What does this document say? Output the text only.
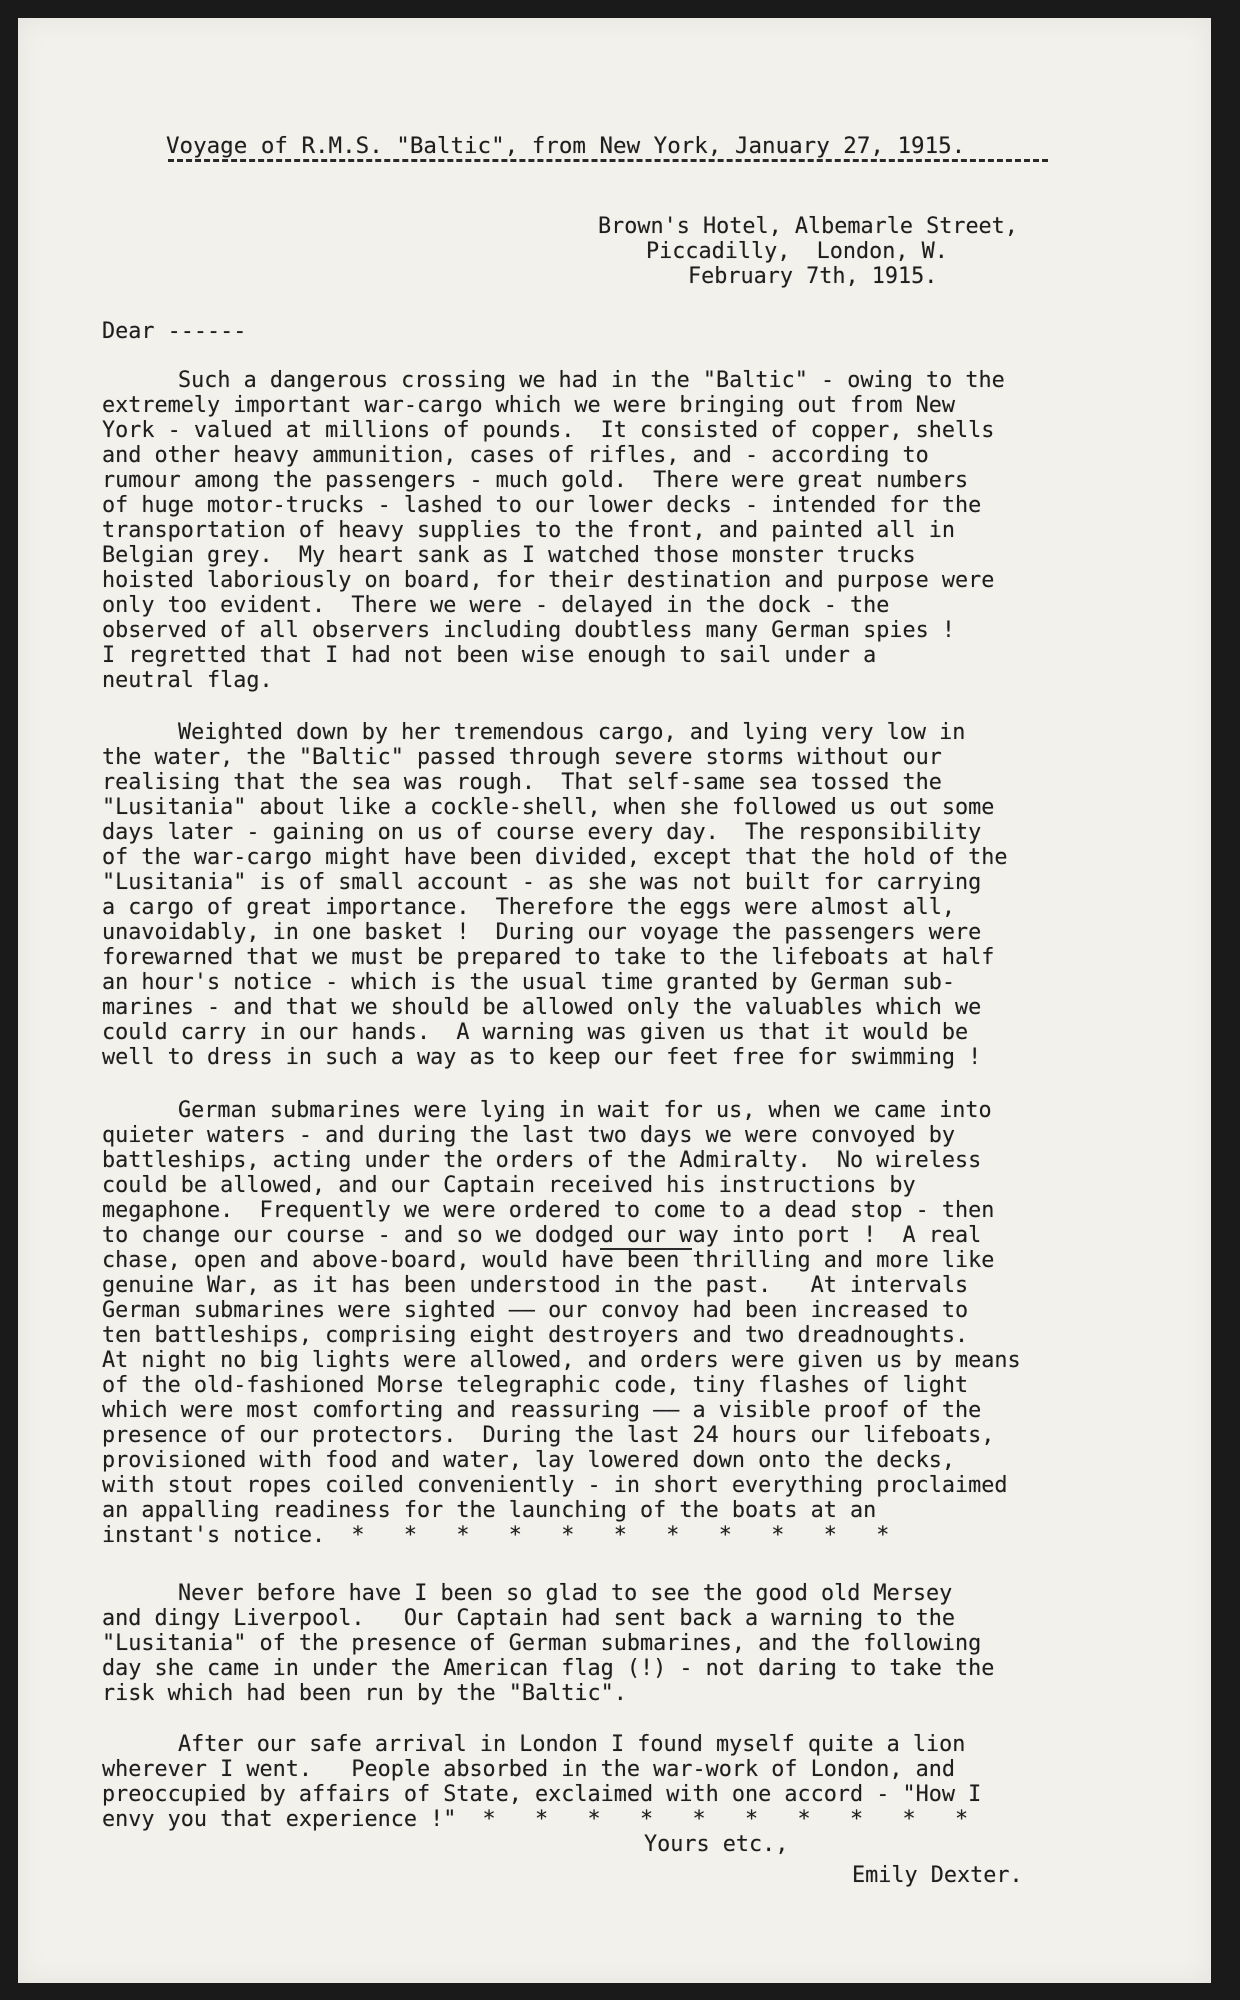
Voyage of R.M.S. "Baltic", from New York, January 27, 1915.
Brown's Hotel, Albemarle Street,
Piccadilly,  London, W.
February 7th, 1915.
Dear ------
Such a dangerous crossing we had in the "Baltic" - owing to the
extremely important war-cargo which we were bringing out from New
York - valued at millions of pounds.  It consisted of copper, shells
and other heavy ammunition, cases of rifles, and - according to
rumour among the passengers - much gold.  There were great numbers
of huge motor-trucks - lashed to our lower decks - intended for the
transportation of heavy supplies to the front, and painted all in
Belgian grey.  My heart sank as I watched those monster trucks
hoisted laboriously on board, for their destination and purpose were
only too evident.  There we were - delayed in the dock - the
observed of all observers including doubtless many German spies !
I regretted that I had not been wise enough to sail under a
neutral flag.
Weighted down by her tremendous cargo, and lying very low in
the water, the "Baltic" passed through severe storms without our
realising that the sea was rough.  That self-same sea tossed the
"Lusitania" about like a cockle-shell, when she followed us out some
days later - gaining on us of course every day.  The responsibility
of the war-cargo might have been divided, except that the hold of the
"Lusitania" is of small account - as she was not built for carrying
a cargo of great importance.  Therefore the eggs were almost all,
unavoidably, in one basket !  During our voyage the passengers were
forewarned that we must be prepared to take to the lifeboats at half
an hour's notice - which is the usual time granted by German sub-
marines - and that we should be allowed only the valuables which we
could carry in our hands.  A warning was given us that it would be
well to dress in such a way as to keep our feet free for swimming !
German submarines were lying in wait for us, when we came into
quieter waters - and during the last two days we were convoyed by
battleships, acting under the orders of the Admiralty.  No wireless
could be allowed, and our Captain received his instructions by
megaphone.  Frequently we were ordered to come to a dead stop - then
to change our course - and so we dodged our way into port !  A real
chase, open and above-board, would have been thrilling and more like
genuine War, as it has been understood in the past.   At intervals
German submarines were sighted —— our convoy had been increased to
ten battleships, comprising eight destroyers and two dreadnoughts.
At night no big lights were allowed, and orders were given us by means
of the old-fashioned Morse telegraphic code, tiny flashes of light
which were most comforting and reassuring —— a visible proof of the
presence of our protectors.  During the last 24 hours our lifeboats,
provisioned with food and water, lay lowered down onto the decks,
with stout ropes coiled conveniently - in short everything proclaimed
an appalling readiness for the launching of the boats at an
instant's notice.  *   *   *   *   *   *   *   *   *   *   *
Never before have I been so glad to see the good old Mersey
and dingy Liverpool.   Our Captain had sent back a warning to the
"Lusitania" of the presence of German submarines, and the following
day she came in under the American flag (!) - not daring to take the
risk which had been run by the "Baltic".
After our safe arrival in London I found myself quite a lion
wherever I went.   People absorbed in the war-work of London, and
preoccupied by affairs of State, exclaimed with one accord - "How I
envy you that experience !"  *   *   *   *   *   *   *   *   *   *
Yours etc.,
Emily Dexter.
